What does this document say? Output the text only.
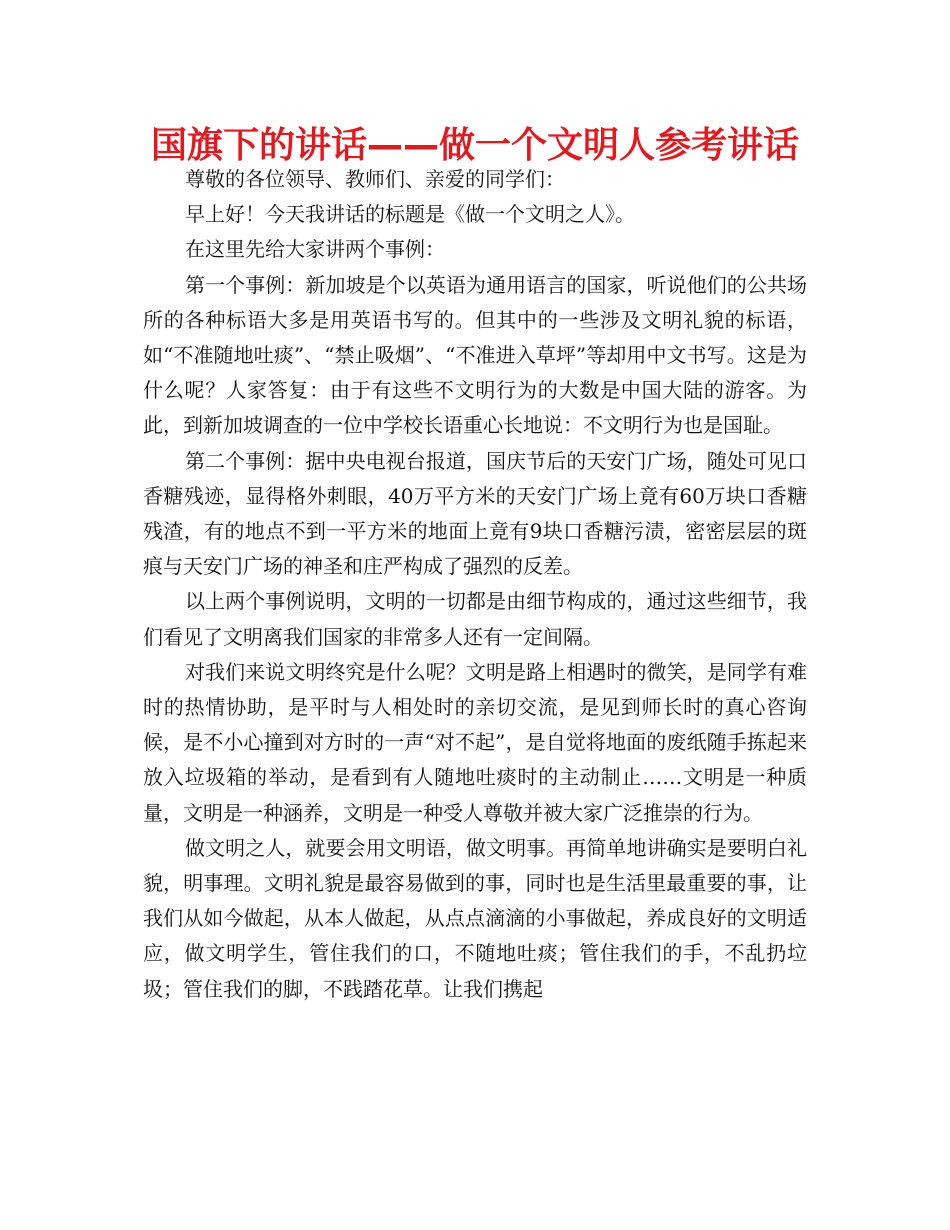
国旗下的讲话——做一个文明人参考讲话

尊敬的各位领导、教师们、亲爱的同学们：

早上好！今天我讲话的标题是《做一个文明之人》。

在这里先给大家讲两个事例：

第一个事例：新加坡是个以英语为通用语言的国家，听说他们的公共场所的各种标语大多是用英语书写的。但其中的一些涉及文明礼貌的标语，如“不准随地吐痰”、“禁止吸烟”、“不准进入草坪”等却用中文书写。这是为什么呢？人家答复：由于有这些不文明行为的大数是中国大陆的游客。为此，到新加坡调查的一位中学校长语重心长地说：不文明行为也是国耻。

第二个事例：据中央电视台报道，国庆节后的天安门广场，随处可见口香糖残迹，显得格外刺眼，40万平方米的天安门广场上竟有60万块口香糖残渣，有的地点不到一平方米的地面上竟有9块口香糖污渍，密密层层的斑痕与天安门广场的神圣和庄严构成了强烈的反差。

以上两个事例说明，文明的一切都是由细节构成的，通过这些细节，我们看见了文明离我们国家的非常多人还有一定间隔。

对我们来说文明终究是什么呢？文明是路上相遇时的微笑，是同学有难时的热情协助，是平时与人相处时的亲切交流，是见到师长时的真心咨询候，是不小心撞到对方时的一声“对不起”，是自觉将地面的废纸随手拣起来放入垃圾箱的举动，是看到有人随地吐痰时的主动制止……文明是一种质量，文明是一种涵养，文明是一种受人尊敬并被大家广泛推崇的行为。

做文明之人，就要会用文明语，做文明事。再简单地讲确实是要明白礼貌，明事理。文明礼貌是最容易做到的事，同时也是生活里最重要的事，让我们从如今做起，从本人做起，从点点滴滴的小事做起，养成良好的文明适应，做文明学生，管住我们的口，不随地吐痰；管住我们的手，不乱扔垃圾；管住我们的脚，不践踏花草。让我们携起
